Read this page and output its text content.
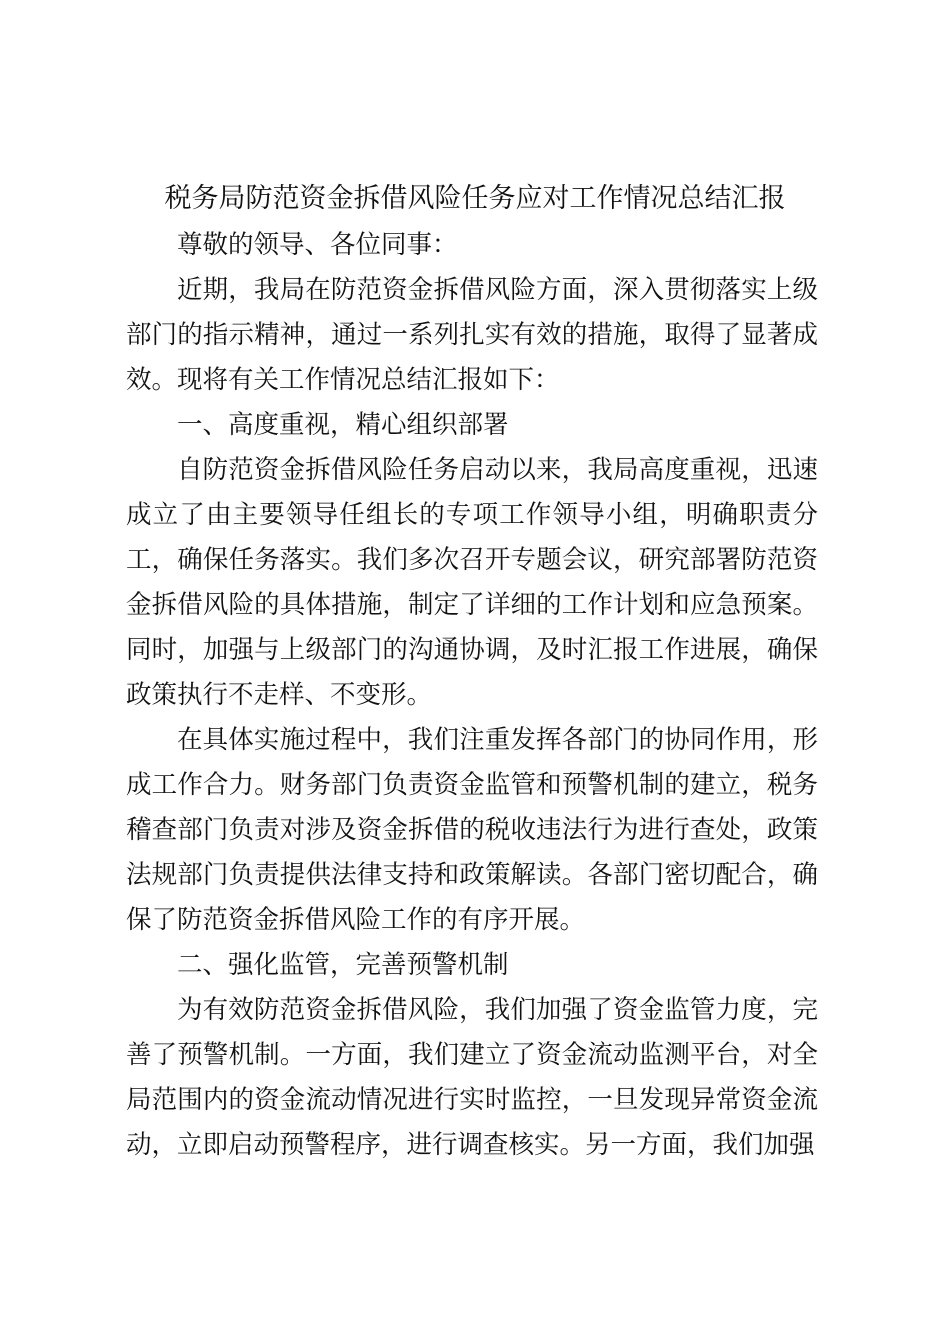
税务局防范资金拆借风险任务应对工作情况总结汇报

尊敬的领导、各位同事：

近期，我局在防范资金拆借风险方面，深入贯彻落实上级部门的指示精神，通过一系列扎实有效的措施，取得了显著成效。现将有关工作情况总结汇报如下：

一、高度重视，精心组织部署

自防范资金拆借风险任务启动以来，我局高度重视，迅速成立了由主要领导任组长的专项工作领导小组，明确职责分工，确保任务落实。我们多次召开专题会议，研究部署防范资金拆借风险的具体措施，制定了详细的工作计划和应急预案。同时，加强与上级部门的沟通协调，及时汇报工作进展，确保政策执行不走样、不变形。

在具体实施过程中，我们注重发挥各部门的协同作用，形成工作合力。财务部门负责资金监管和预警机制的建立，税务稽查部门负责对涉及资金拆借的税收违法行为进行查处，政策法规部门负责提供法律支持和政策解读。各部门密切配合，确保了防范资金拆借风险工作的有序开展。

二、强化监管，完善预警机制

为有效防范资金拆借风险，我们加强了资金监管力度，完善了预警机制。一方面，我们建立了资金流动监测平台，对全局范围内的资金流动情况进行实时监控，一旦发现异常资金流动，立即启动预警程序，进行调查核实。另一方面，我们加强
